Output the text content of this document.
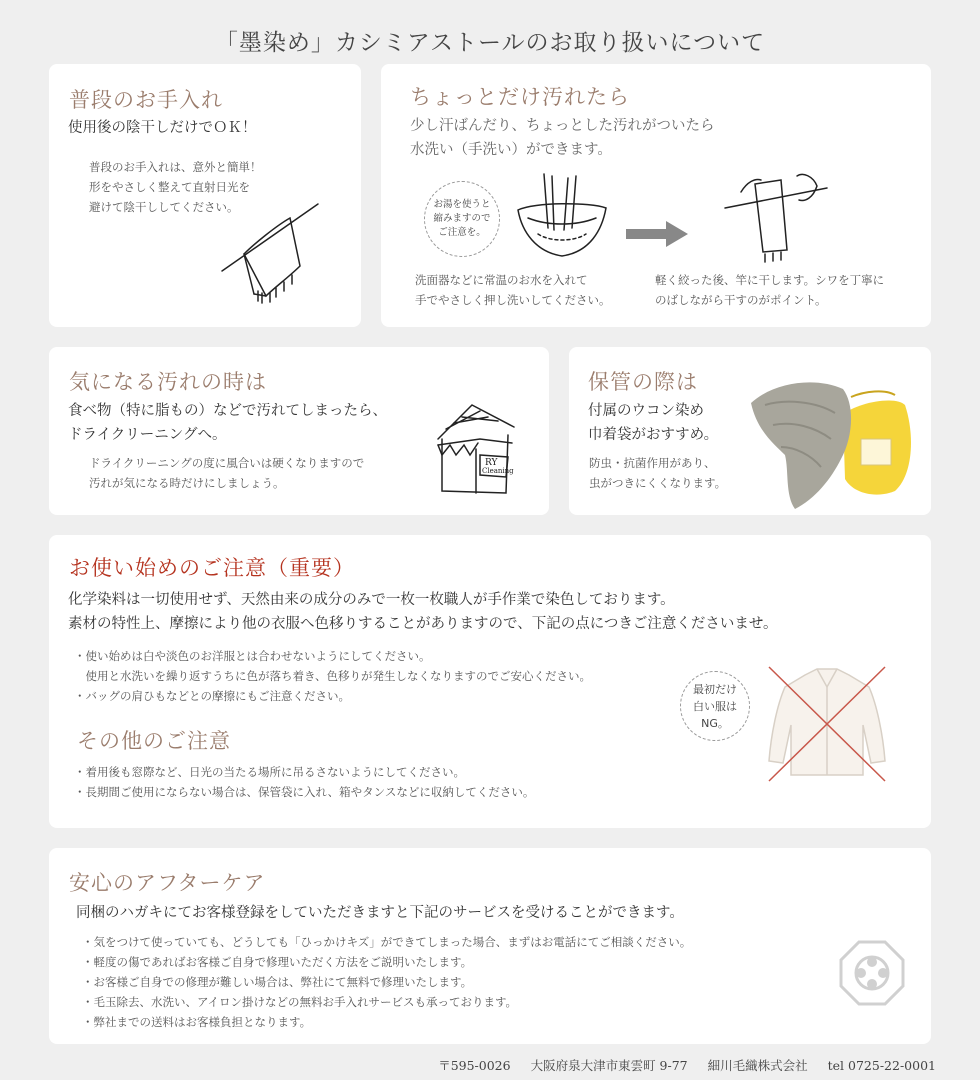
「墨染め」カシミアストールのお取り扱いについて
普段のお手入れ
使用後の陰干しだけでＯＫ！
普段のお手入れは、意外と簡単！
形をやさしく整えて直射日光を
避けて陰干ししてください。
ちょっとだけ汚れたら
少し汗ばんだり、ちょっとした汚れがついたら
水洗い（手洗い）ができます。
お湯を使うと
縮みますので
ご注意を。
洗面器などに常温のお水を入れて
手でやさしく押し洗いしてください。
軽く絞った後、竿に干します。シワを丁寧に
のばしながら干すのがポイント。
気になる汚れの時は
食べ物（特に脂もの）などで汚れてしまったら、
ドライクリーニングへ。
ドライクリーニングの度に風合いは硬くなりますので
汚れが気になる時だけにしましょう。
RY
Cleaning
保管の際は
付属のウコン染め
巾着袋がおすすめ。
防虫・抗菌作用があり、
虫がつきにくくなります。
お使い始めのご注意（重要）
化学染料は一切使用せず、天然由来の成分のみで一枚一枚職人が手作業で染色しております。
素材の特性上、摩擦により他の衣服へ色移りすることがありますので、下記の点につきご注意くださいませ。
・使い始めは白や淡色のお洋服とは合わせないようにしてください。
　使用と水洗いを繰り返すうちに色が落ち着き、色移りが発生しなくなりますのでご安心ください。
・バッグの肩ひもなどとの摩擦にもご注意ください。
その他のご注意
・着用後も窓際など、日光の当たる場所に吊るさないようにしてください。
・長期間ご使用にならない場合は、保管袋に入れ、箱やタンスなどに収納してください。
最初だけ
白い服は
NG。
安心のアフターケア
同梱のハガキにてお客様登録をしていただきますと下記のサービスを受けることができます。
・気をつけて使っていても、どうしても「ひっかけキズ」ができてしまった場合、まずはお電話にてご相談ください。
・軽度の傷であればお客様ご自身で修理いただく方法をご説明いたします。
・お客様ご自身での修理が難しい場合は、弊社にて無料で修理いたします。
・毛玉除去、水洗い、アイロン掛けなどの無料お手入れサービスも承っております。
・弊社までの送料はお客様負担となります。
〒595-0026 大阪府泉大津市東雲町 9-77 細川毛織株式会社 tel 0725-22-0001
